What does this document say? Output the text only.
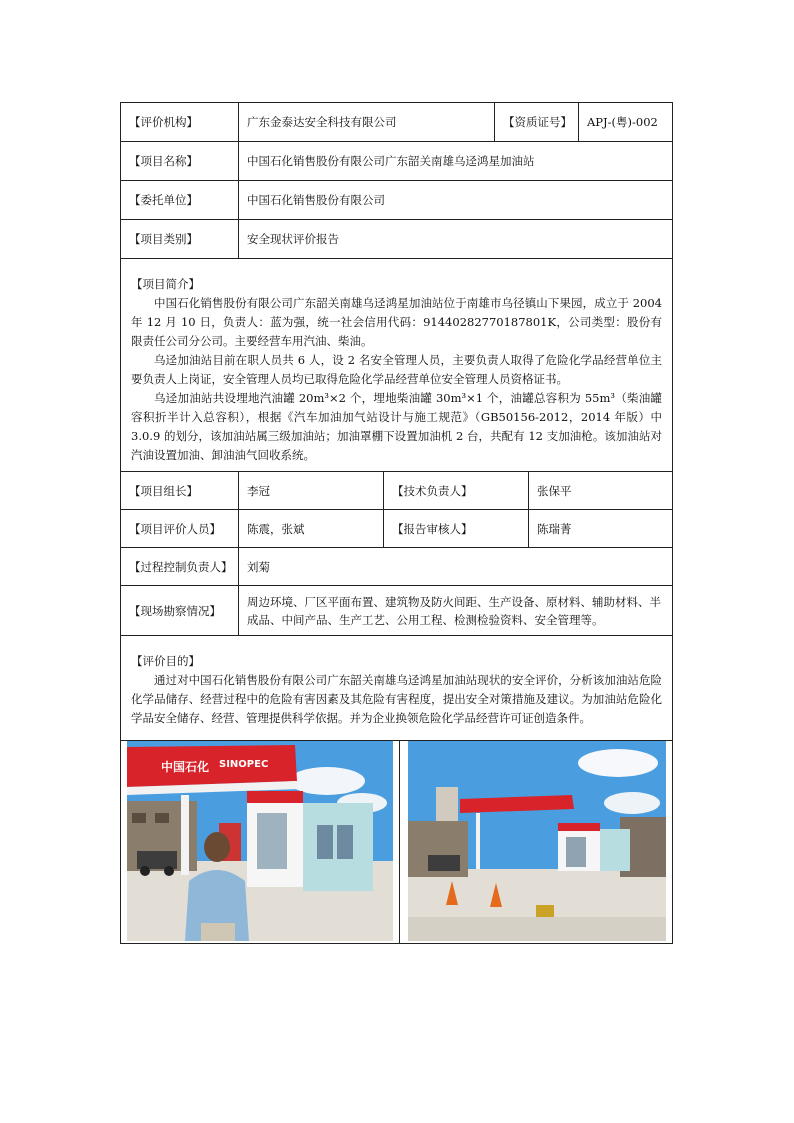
【评价机构】	广东金泰达安全科技有限公司	【资质证号】	APJ-(粤)-002
【项目名称】	中国石化销售股份有限公司广东韶关南雄乌迳鸿星加油站
【委托单位】	中国石化销售股份有限公司
【项目类别】	安全现状评价报告
【项目简介】

中国石化销售股份有限公司广东韶关南雄乌迳鸿星加油站位于南雄市乌径镇山下果园，成立于 2004 年 12 月 10 日，负责人：蓝为强，统一社会信用代码：91440282770187801K，公司类型：股份有限责任公司分公司。主要经营车用汽油、柴油。

乌迳加油站目前在职人员共 6 人，设 2 名安全管理人员，主要负责人取得了危险化学品经营单位主要负责人上岗证，安全管理人员均已取得危险化学品经营单位安全管理人员资格证书。

乌迳加油站共设埋地汽油罐 20m³×2 个，埋地柴油罐 30m³×1 个，油罐总容积为 55m³（柴油罐容积折半计入总容积），根据《汽车加油加气站设计与施工规范》（GB50156-2012，2014 年版）中 3.0.9 的划分，该加油站属三级加油站；加油罩棚下设置加油机 2 台，共配有 12 支加油枪。该加油站对汽油设置加油、卸油油气回收系统。

【项目组长】	李冠	【技术负责人】	张保平
【项目评价人员】	陈震，张斌	【报告审核人】	陈瑞菁
【过程控制负责人】	刘菊
【现场勘察情况】
周边环境、厂区平面布置、建筑物及防火间距、生产设备、原材料、辅助材料、半成品、中间产品、生产工艺、公用工程、检测检验资料、安全管理等。
【评价目的】

通过对中国石化销售股份有限公司广东韶关南雄乌迳鸿星加油站现状的安全评价，分析该加油站危险化学品储存、经营过程中的危险有害因素及其危险有害程度，提出安全对策措施及建议。为加油站危险化学品安全储存、经营、管理提供科学依据。并为企业换领危险化学品经营许可证创造条件。

中国石化 SINOPEC
